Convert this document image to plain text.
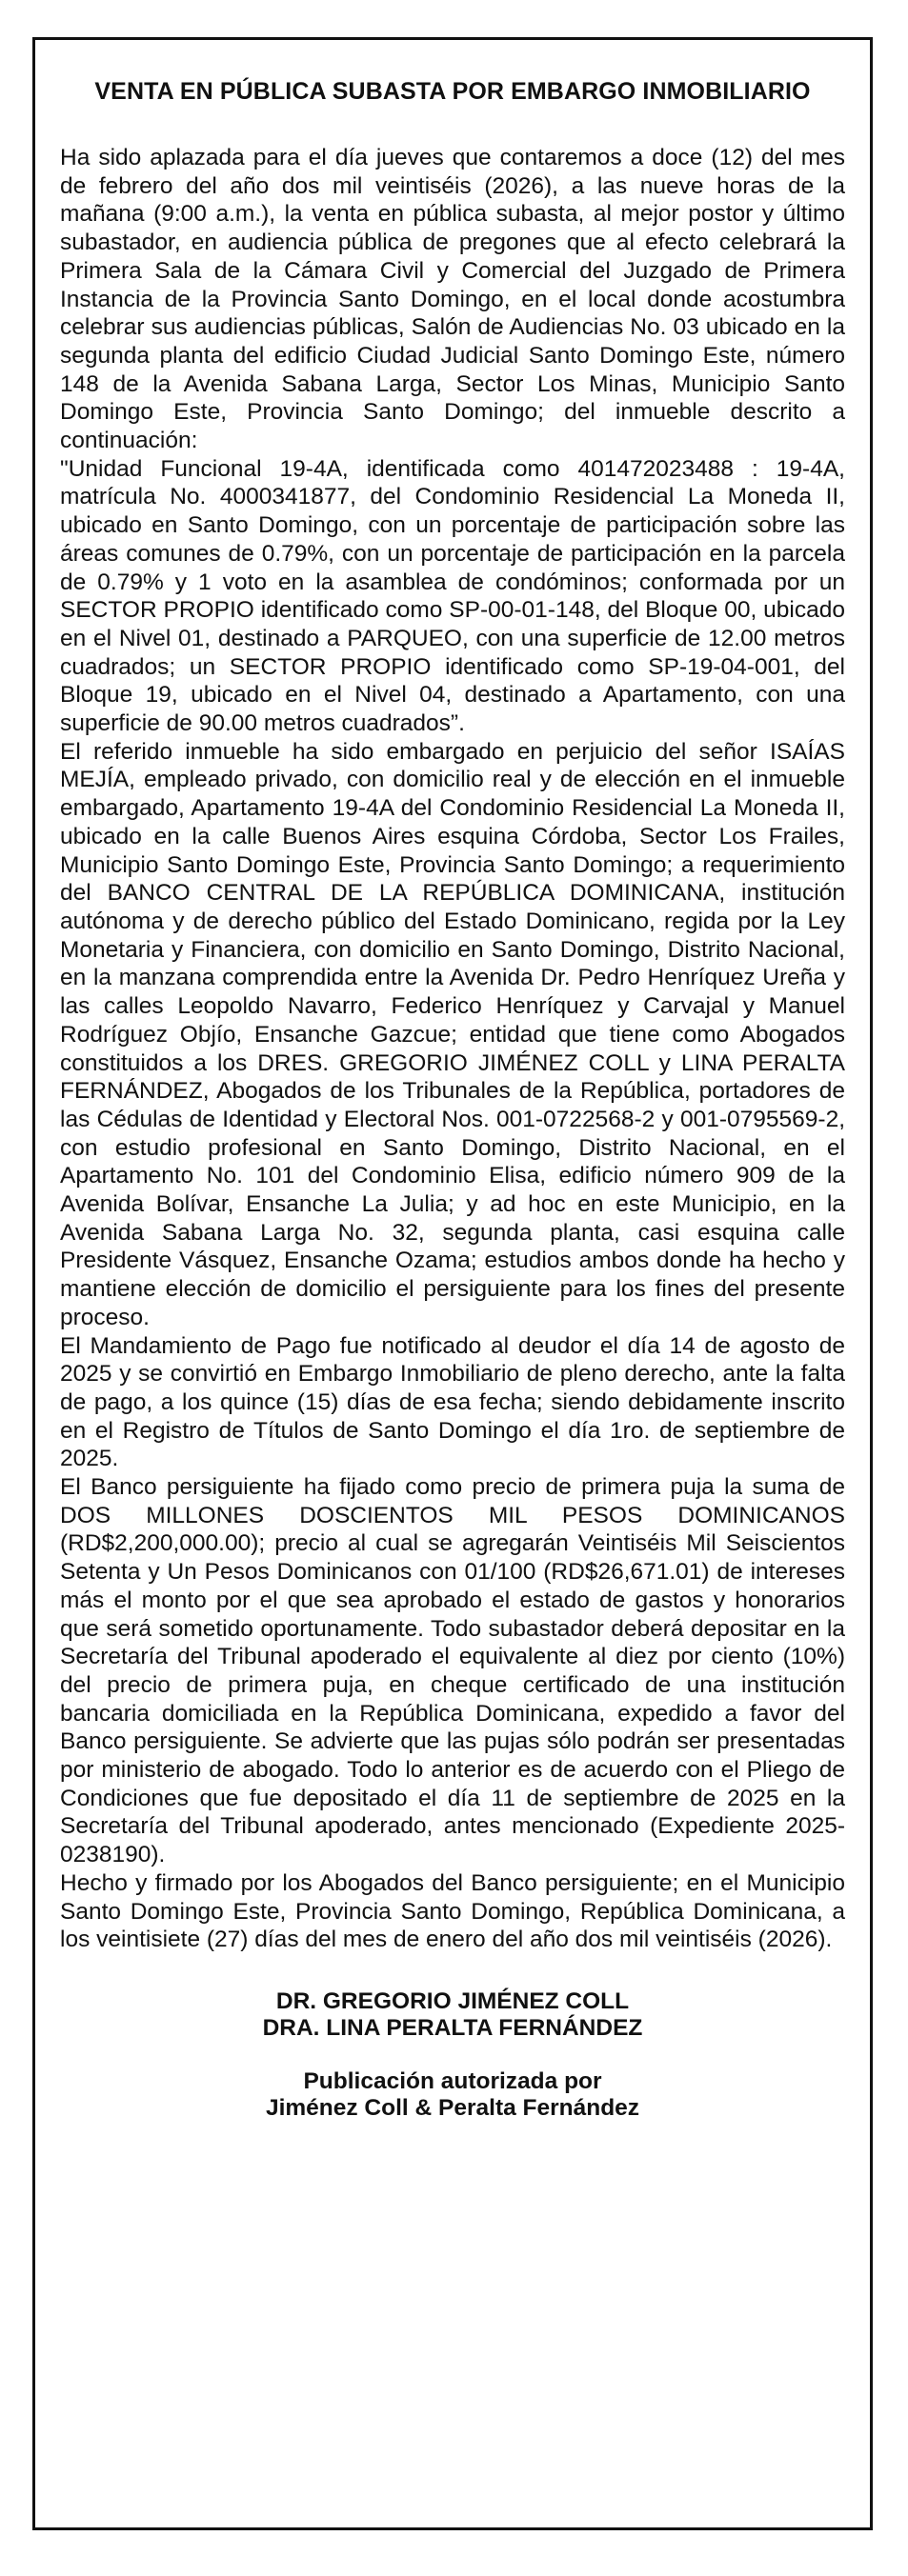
VENTA EN PÚBLICA SUBASTA POR EMBARGO INMOBILIARIO

Ha sido aplazada para el día jueves que contaremos a doce (12) del mes de febrero del año dos mil veintiséis (2026), a las nueve horas de la mañana (9:00 a.m.), la venta en pública subasta, al mejor postor y último subastador, en audiencia pública de pregones que al efecto celebrará la Primera Sala de la Cámara Civil y Comercial del Juzgado de Primera Instancia de la Provincia Santo Domingo, en el local donde acostumbra celebrar sus audiencias públicas, Salón de Audiencias No. 03 ubicado en la segunda planta del edificio Ciudad Judicial Santo Domingo Este, número 148 de la Avenida Sabana Larga, Sector Los Minas, Municipio Santo Domingo Este, Provincia Santo Domingo; del inmueble descrito a continuación:

"Unidad Funcional 19-4A, identificada como 401472023488 : 19-4A, matrícula No. 4000341877, del Condominio Residencial La Moneda II, ubicado en Santo Domingo, con un porcentaje de participación sobre las áreas comunes de 0.79%, con un porcentaje de participación en la parcela de 0.79% y 1 voto en la asamblea de condóminos; conformada por un SECTOR PROPIO identificado como SP-00-01-148, del Bloque 00, ubicado en el Nivel 01, destinado a PARQUEO, con una superficie de 12.00 metros cuadrados; un SECTOR PROPIO identificado como SP-19-04-001, del Bloque 19, ubicado en el Nivel 04, destinado a Apartamento, con una superficie de 90.00 metros cuadrados”.

El referido inmueble ha sido embargado en perjuicio del señor ISAÍAS MEJÍA, empleado privado, con domicilio real y de elección en el inmueble embargado, Apartamento 19-4A del Condominio Residencial La Moneda II, ubicado en la calle Buenos Aires esquina Córdoba, Sector Los Frailes, Municipio Santo Domingo Este, Provincia Santo Domingo; a requerimiento del BANCO CENTRAL DE LA REPÚBLICA DOMINICANA, institución autónoma y de derecho público del Estado Dominicano, regida por la Ley Monetaria y Financiera, con domicilio en Santo Domingo, Distrito Nacional, en la manzana comprendida entre la Avenida Dr. Pedro Henríquez Ureña y las calles Leopoldo Navarro, Federico Henríquez y Carvajal y Manuel Rodríguez Objío, Ensanche Gazcue; entidad que tiene como Abogados constituidos a los DRES. GREGORIO JIMÉNEZ COLL y LINA PERALTA FERNÁNDEZ, Abogados de los Tribunales de la República, portadores de las Cédulas de Identidad y Electoral Nos. 001-0722568-2 y 001-0795569-2, con estudio profesional en Santo Domingo, Distrito Nacional, en el Apartamento No. 101 del Condominio Elisa, edificio número 909 de la Avenida Bolívar, Ensanche La Julia; y ad hoc en este Municipio, en la Avenida Sabana Larga No. 32, segunda planta, casi esquina calle Presidente Vásquez, Ensanche Ozama; estudios ambos donde ha hecho y mantiene elección de domicilio el persiguiente para los fines del presente proceso.

El Mandamiento de Pago fue notificado al deudor el día 14 de agosto de 2025 y se convirtió en Embargo Inmobiliario de pleno derecho, ante la falta de pago, a los quince (15) días de esa fecha; siendo debidamente inscrito en el Registro de Títulos de Santo Domingo el día 1ro. de septiembre de 2025.

El Banco persiguiente ha fijado como precio de primera puja la suma de DOS MILLONES DOSCIENTOS MIL PESOS DOMINICANOS (RD$2,200,000.00); precio al cual se agregarán Veintiséis Mil Seiscientos Setenta y Un Pesos Dominicanos con 01/100 (RD$26,671.01) de intereses más el monto por el que sea aprobado el estado de gastos y honorarios que será sometido oportunamente. Todo subastador deberá depositar en la Secretaría del Tribunal apoderado el equivalente al diez por ciento (10%) del precio de primera puja, en cheque certificado de una institución bancaria domiciliada en la República Dominicana, expedido a favor del Banco persiguiente. Se advierte que las pujas sólo podrán ser presentadas por ministerio de abogado. Todo lo anterior es de acuerdo con el Pliego de Condiciones que fue depositado el día 11 de septiembre de 2025 en la Secretaría del Tribunal apoderado, antes mencionado (Expediente 2025-0238190).

Hecho y firmado por los Abogados del Banco persiguiente; en el Municipio Santo Domingo Este, Provincia Santo Domingo, República Dominicana, a los veintisiete (27) días del mes de enero del año dos mil veintiséis (2026).

DR. GREGORIO JIMÉNEZ COLL
DRA. LINA PERALTA FERNÁNDEZ
Publicación autorizada por
Jiménez Coll & Peralta Fernández
